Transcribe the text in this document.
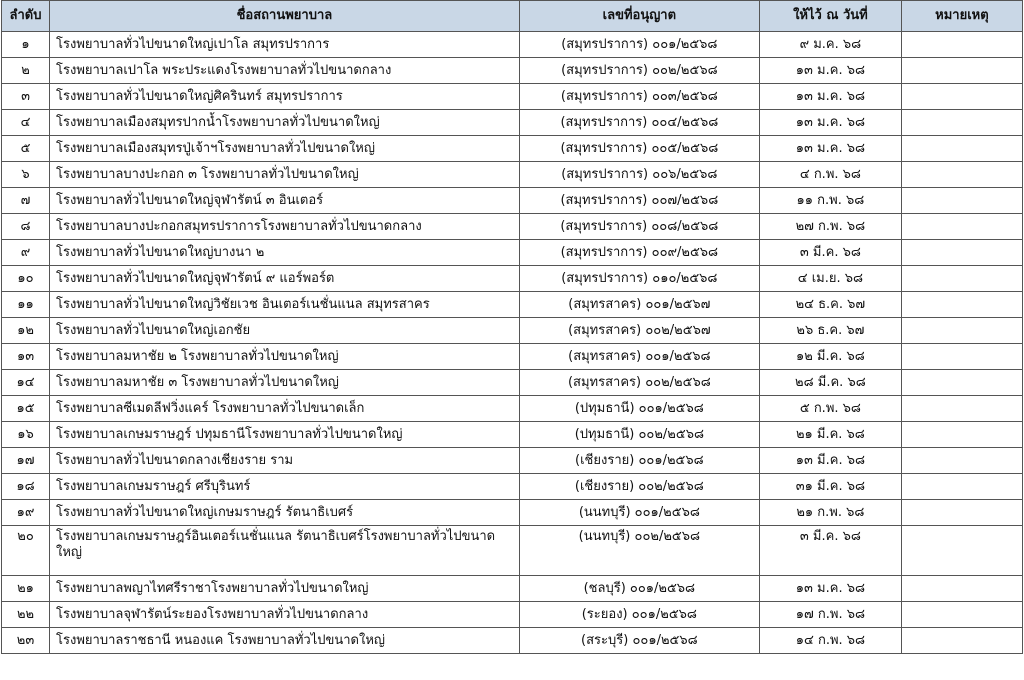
ลำดับ	ชื่อสถานพยาบาล	เลขที่อนุญาต	ให้ไว้ ณ วันที่	หมายเหตุ
๑	โรงพยาบาลทั่วไปขนาดใหญ่เปาโล สมุทรปราการ	(สมุทรปราการ) ๐๐๑/๒๕๖๘	๙ ม.ค. ๖๘	
๒	โรงพยาบาลเปาโล พระประแดงโรงพยาบาลทั่วไปขนาดกลาง	(สมุทรปราการ) ๐๐๒/๒๕๖๘	๑๓ ม.ค. ๖๘	
๓	โรงพยาบาลทั่วไปขนาดใหญ่ศิครินทร์ สมุทรปราการ	(สมุทรปราการ) ๐๐๓/๒๕๖๘	๑๓ ม.ค. ๖๘	
๔	โรงพยาบาลเมืองสมุทรปากน้ำโรงพยาบาลทั่วไปขนาดใหญ่	(สมุทรปราการ) ๐๐๔/๒๕๖๘	๑๓ ม.ค. ๖๘	
๕	โรงพยาบาลเมืองสมุทรปู่เจ้าฯโรงพยาบาลทั่วไปขนาดใหญ่	(สมุทรปราการ) ๐๐๕/๒๕๖๘	๑๓ ม.ค. ๖๘	
๖	โรงพยาบาลบางปะกอก ๓ โรงพยาบาลทั่วไปขนาดใหญ่	(สมุทรปราการ) ๐๐๖/๒๕๖๘	๔ ก.พ. ๖๘	
๗	โรงพยาบาลทั่วไปขนาดใหญ่จุฬารัตน์ ๓ อินเตอร์	(สมุทรปราการ) ๐๐๗/๒๕๖๘	๑๑ ก.พ. ๖๘	
๘	โรงพยาบาลบางปะกอกสมุทรปราการโรงพยาบาลทั่วไปขนาดกลาง	(สมุทรปราการ) ๐๐๘/๒๕๖๘	๒๗ ก.พ. ๖๘	
๙	โรงพยาบาลทั่วไปขนาดใหญ่บางนา ๒	(สมุทรปราการ) ๐๐๙/๒๕๖๘	๓ มี.ค. ๖๘	
๑๐	โรงพยาบาลทั่วไปขนาดใหญ่จุฬารัตน์ ๙ แอร์พอร์ต	(สมุทรปราการ) ๐๑๐/๒๕๖๘	๔ เม.ย. ๖๘	
๑๑	โรงพยาบาลทั่วไปขนาดใหญ่วิชัยเวช อินเตอร์เนชั่นแนล สมุทรสาคร	(สมุทรสาคร) ๐๐๑/๒๕๖๗	๒๔ ธ.ค. ๖๗	
๑๒	โรงพยาบาลทั่วไปขนาดใหญ่เอกชัย	(สมุทรสาคร) ๐๐๒/๒๕๖๗	๒๖ ธ.ค. ๖๗	
๑๓	โรงพยาบาลมหาชัย ๒ โรงพยาบาลทั่วไปขนาดใหญ่	(สมุทรสาคร) ๐๐๑/๒๕๖๘	๑๒ มี.ค. ๖๘	
๑๔	โรงพยาบาลมหาชัย ๓ โรงพยาบาลทั่วไปขนาดใหญ่	(สมุทรสาคร) ๐๐๒/๒๕๖๘	๒๘ มี.ค. ๖๘	
๑๕	โรงพยาบาลซีเมดลีฟวิ่งแคร์ โรงพยาบาลทั่วไปขนาดเล็ก	(ปทุมธานี) ๐๐๑/๒๕๖๘	๕ ก.พ. ๖๘	
๑๖	โรงพยาบาลเกษมราษฎร์ ปทุมธานีโรงพยาบาลทั่วไปขนาดใหญ่	(ปทุมธานี) ๐๐๒/๒๕๖๘	๒๑ มี.ค. ๖๘	
๑๗	โรงพยาบาลทั่วไปขนาดกลางเชียงราย ราม	(เชียงราย) ๐๐๑/๒๕๖๘	๑๓ มี.ค. ๖๘	
๑๘	โรงพยาบาลเกษมราษฎร์ ศรีบุรินทร์	(เชียงราย) ๐๐๒/๒๕๖๘	๓๑ มี.ค. ๖๘	
๑๙	โรงพยาบาลทั่วไปขนาดใหญ่เกษมราษฎร์ รัตนาธิเบศร์	(นนทบุรี) ๐๐๑/๒๕๖๘	๒๑ ก.พ. ๖๘	
๒๐	โรงพยาบาลเกษมราษฎร์อินเตอร์เนชั่นแนล รัตนาธิเบศร์โรงพยาบาลทั่วไปขนาดใหญ่	(นนทบุรี) ๐๐๒/๒๕๖๘	๓ มี.ค. ๖๘	
๒๑	โรงพยาบาลพญาไทศรีราชาโรงพยาบาลทั่วไปขนาดใหญ่	(ชลบุรี) ๐๐๑/๒๕๖๘	๑๓ ม.ค. ๖๘	
๒๒	โรงพยาบาลจุฬารัตน์ระยองโรงพยาบาลทั่วไปขนาดกลาง	(ระยอง) ๐๐๑/๒๕๖๘	๑๗ ก.พ. ๖๘	
๒๓	โรงพยาบาลราชธานี หนองแค โรงพยาบาลทั่วไปขนาดใหญ่	(สระบุรี) ๐๐๑/๒๕๖๘	๑๔ ก.พ. ๖๘	
